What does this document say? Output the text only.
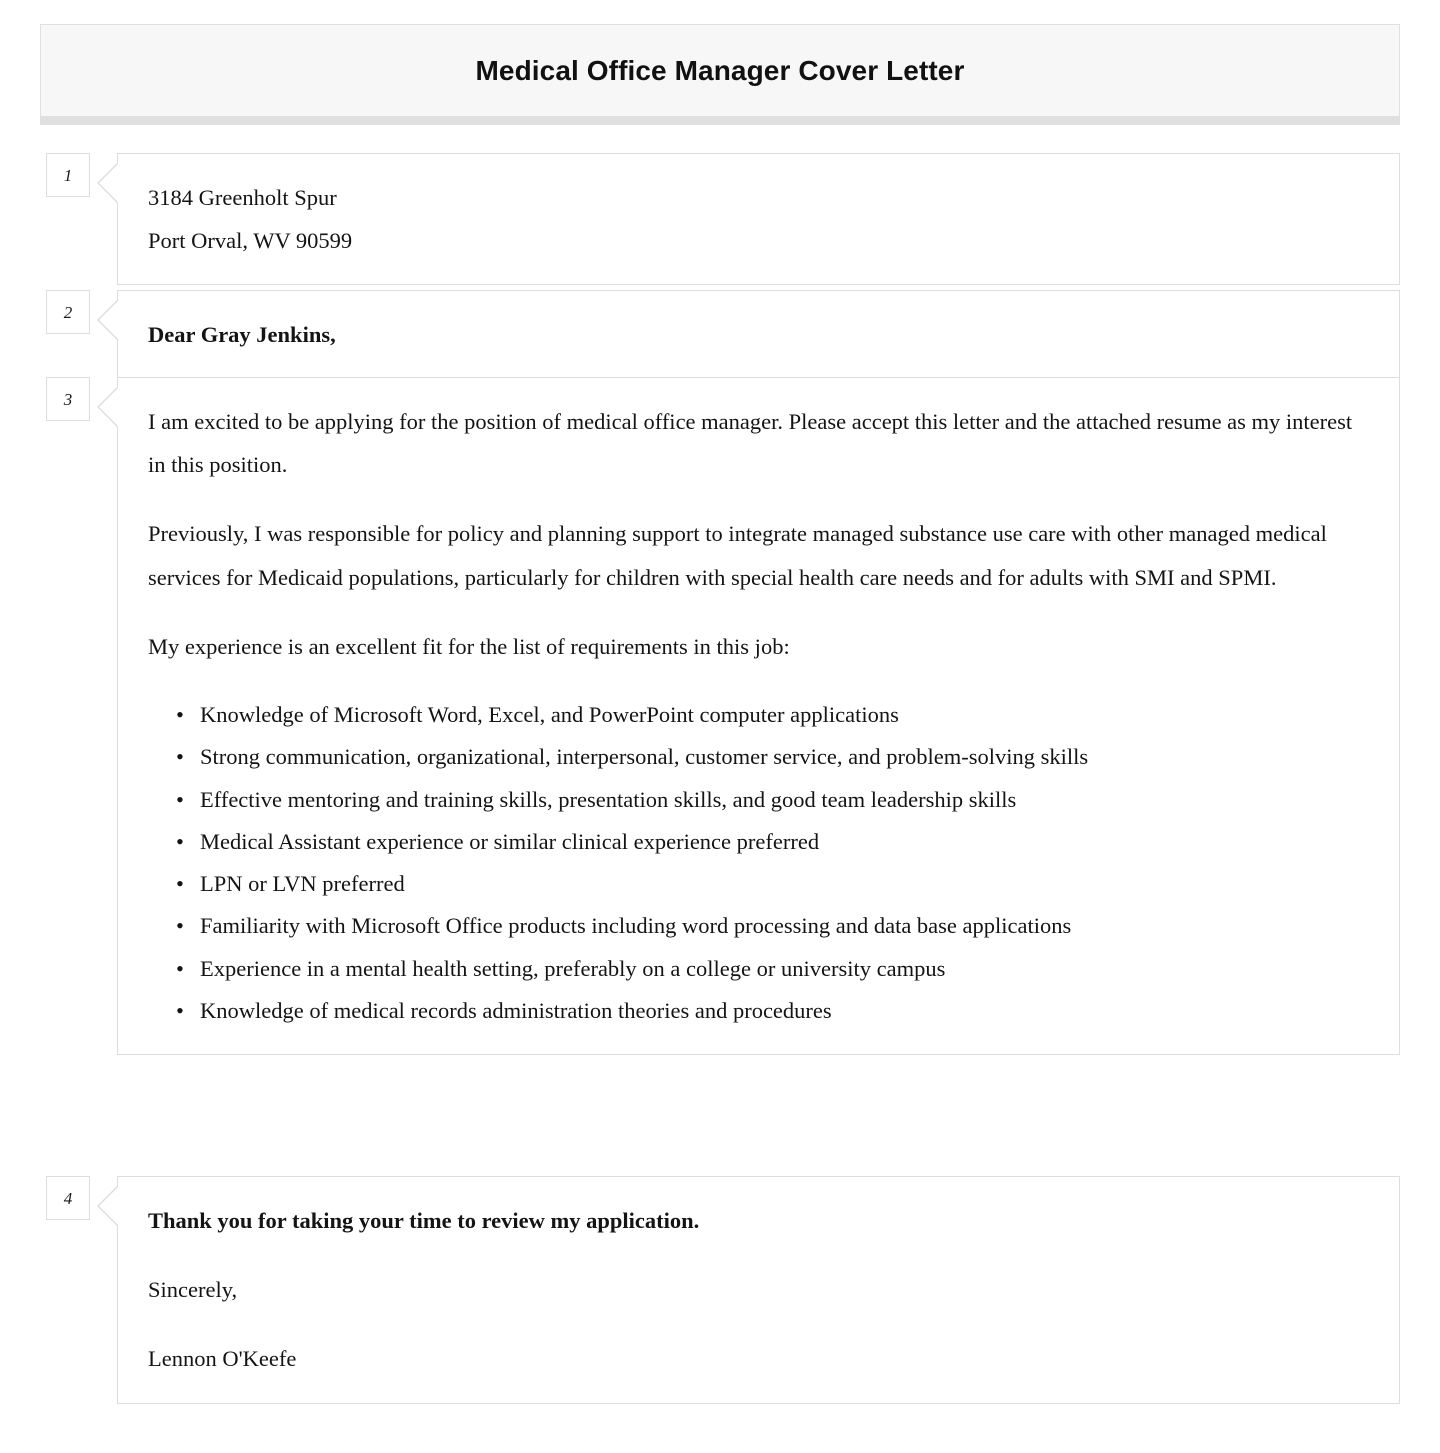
Medical Office Manager Cover Letter
1

3184 Greenholt Spur
Port Orval, WV 90599

2

Dear Gray Jenkins,

3

I am excited to be applying for the position of medical office manager. Please accept this letter and the attached resume as my interest in this position.

Previously, I was responsible for policy and planning support to integrate managed substance use care with other managed medical services for Medicaid populations, particularly for children with special health care needs and for adults with SMI and SPMI.

My experience is an excellent fit for the list of requirements in this job:

• Knowledge of Microsoft Word, Excel, and PowerPoint computer applications
• Strong communication, organizational, interpersonal, customer service, and problem-solving skills
• Effective mentoring and training skills, presentation skills, and good team leadership skills
• Medical Assistant experience or similar clinical experience preferred
• LPN or LVN preferred
• Familiarity with Microsoft Office products including word processing and data base applications
• Experience in a mental health setting, preferably on a college or university campus
• Knowledge of medical records administration theories and procedures
4

Thank you for taking your time to review my application.

Sincerely,

Lennon O'Keefe
